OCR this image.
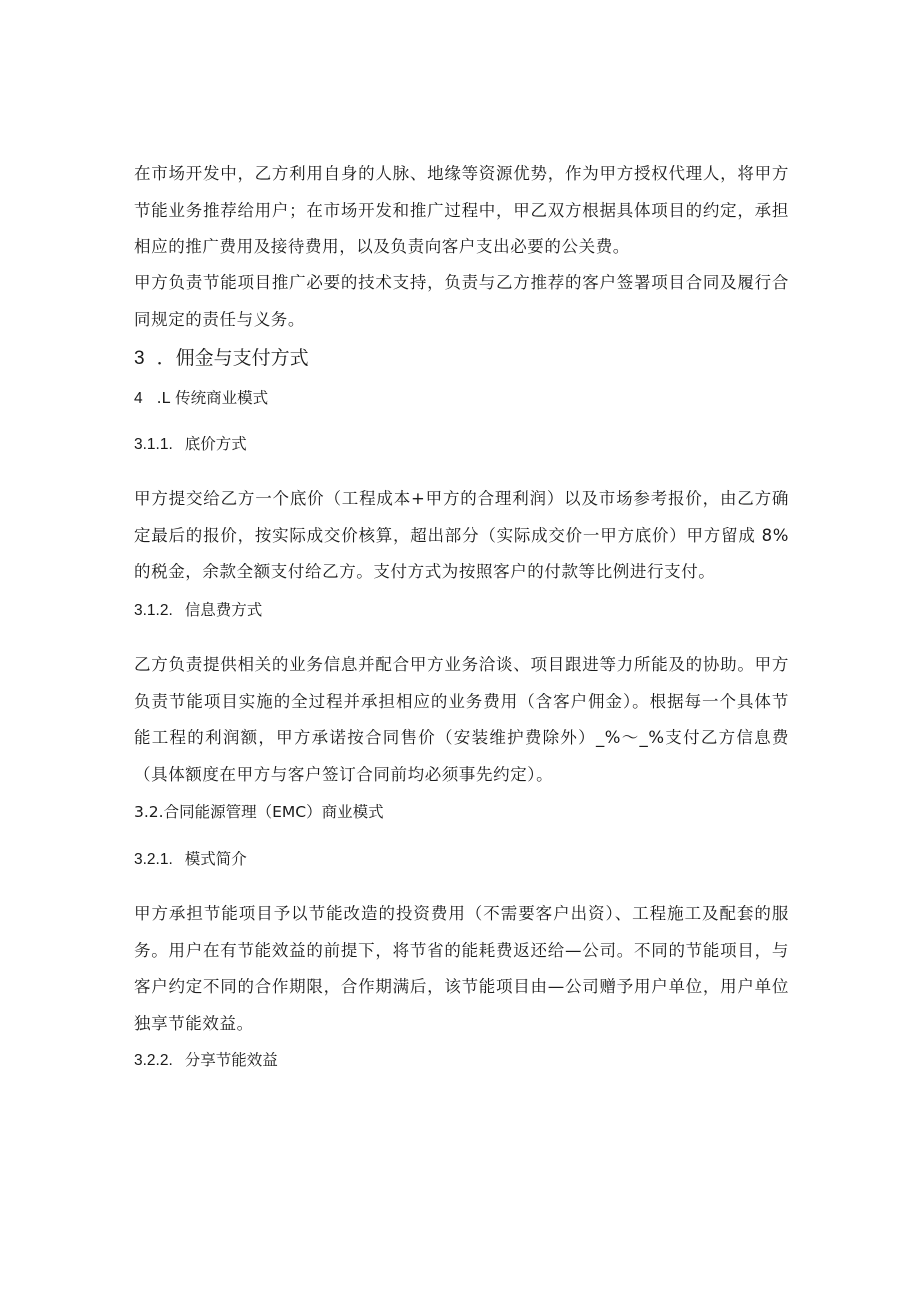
在市场开发中，乙方利用自身的人脉、地缘等资源优势，作为甲方授权代理人，将甲方节能业务推荐给用户；在市场开发和推广过程中，甲乙双方根据具体项目的约定，承担相应的推广费用及接待费用，以及负责向客户支出必要的公关费。
甲方负责节能项目推广必要的技术支持，负责与乙方推荐的客户签署项目合同及履行合同规定的责任与义务。
3 ．佣金与支付方式
4 .L 传统商业模式
3.1.1. 底价方式
甲方提交给乙方一个底价（工程成本+甲方的合理利润）以及市场参考报价，由乙方确定最后的报价，按实际成交价核算，超出部分（实际成交价一甲方底价）甲方留成 8%的税金，余款全额支付给乙方。支付方式为按照客户的付款等比例进行支付。
3.1.2. 信息费方式
乙方负责提供相关的业务信息并配合甲方业务洽谈、项目跟进等力所能及的协助。甲方负责节能项目实施的全过程并承担相应的业务费用（含客户佣金）。根据每一个具体节能工程的利润额，甲方承诺按合同售价（安装维护费除外）_%～_%支付乙方信息费（具体额度在甲方与客户签订合同前均必须事先约定）。
3.2.合同能源管理（EMC）商业模式
3.2.1. 模式简介
甲方承担节能项目予以节能改造的投资费用（不需要客户出资）、工程施工及配套的服务。用户在有节能效益的前提下，将节省的能耗费返还给—公司。不同的节能项目，与客户约定不同的合作期限，合作期满后，该节能项目由—公司赠予用户单位，用户单位独享节能效益。
3.2.2. 分享节能效益
